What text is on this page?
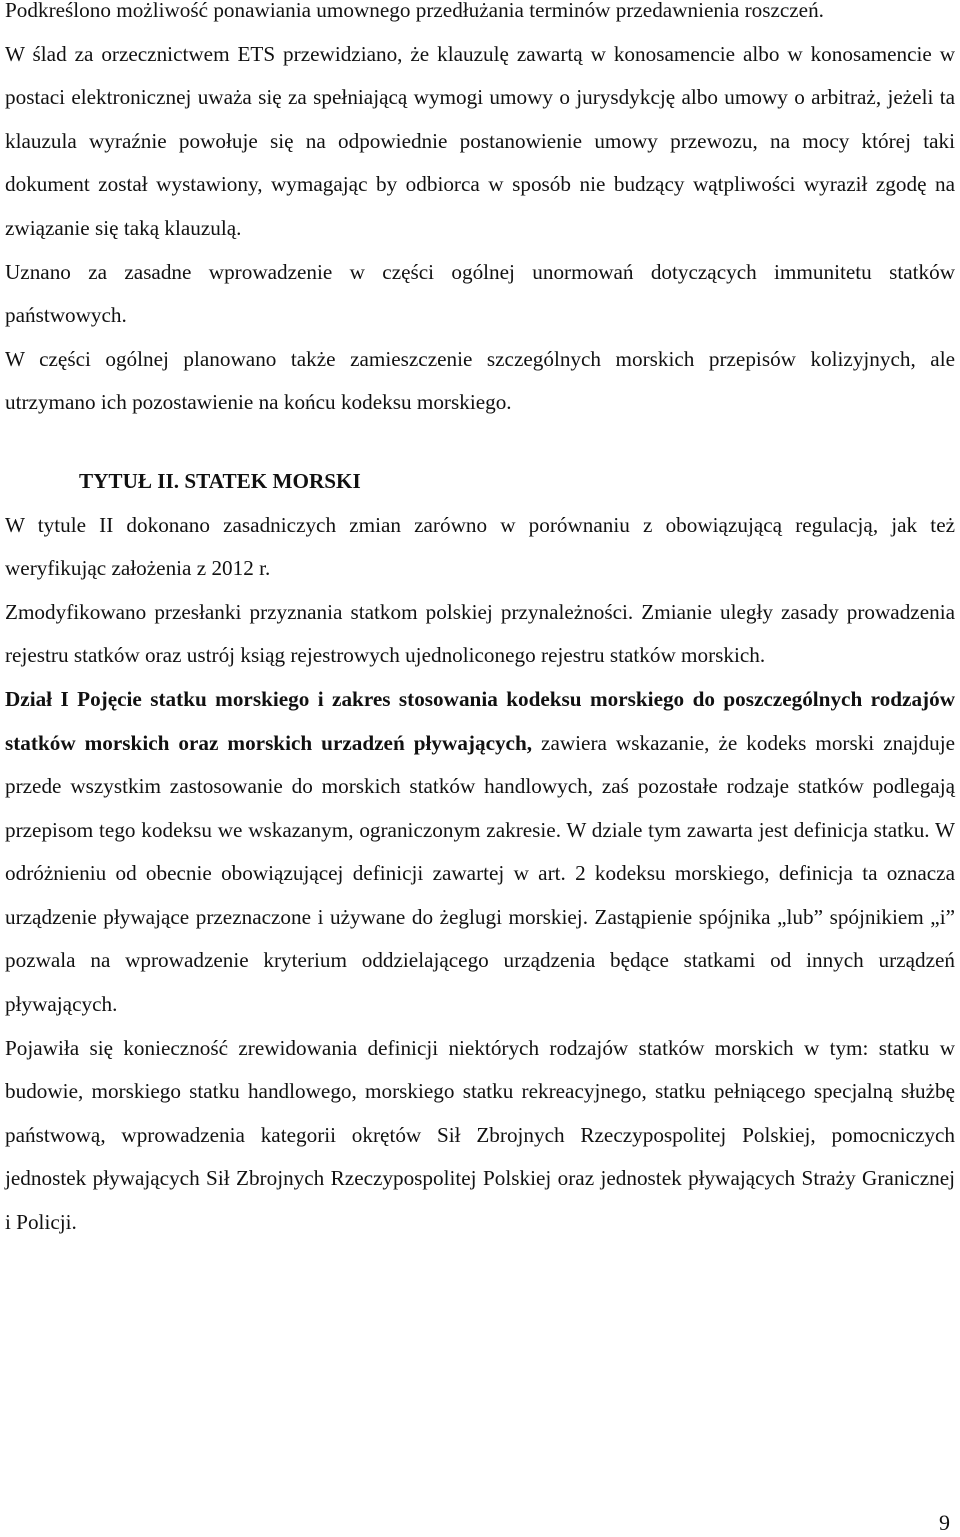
Podkreślono możliwość ponawiania umownego przedłużania terminów przedawnienia roszczeń.

W ślad za orzecznictwem ETS przewidziano, że klauzulę zawartą w konosamencie albo w konosamencie w postaci elektronicznej uważa się za spełniającą wymogi umowy o jurysdykcję albo umowy o arbitraż, jeżeli ta klauzula wyraźnie powołuje się na odpowiednie postanowienie umowy przewozu, na mocy której taki dokument został wystawiony, wymagając by odbiorca w sposób nie budzący wątpliwości wyraził zgodę na związanie się taką klauzulą.

Uznano za zasadne wprowadzenie w części ogólnej unormowań dotyczących immunitetu statków państwowych.

W części ogólnej planowano także zamieszczenie szczególnych morskich przepisów kolizyjnych, ale utrzymano ich pozostawienie na końcu kodeksu morskiego.

TYTUŁ II. STATEK MORSKI

W tytule II dokonano zasadniczych zmian zarówno w porównaniu z obowiązującą regulacją, jak też weryfikując założenia z 2012 r.

Zmodyfikowano przesłanki przyznania statkom polskiej przynależności. Zmianie uległy zasady prowadzenia rejestru statków oraz ustrój ksiąg rejestrowych ujednoliconego rejestru statków morskich.

Dział I Pojęcie statku morskiego i zakres stosowania kodeksu morskiego do poszczególnych rodzajów statków morskich oraz morskich urzadzeń pływających, zawiera wskazanie, że kodeks morski znajduje przede wszystkim zastosowanie do morskich statków handlowych, zaś pozostałe rodzaje statków podlegają przepisom tego kodeksu we wskazanym, ograniczonym zakresie. W dziale tym zawarta jest definicja statku. W odróżnieniu od obecnie obowiązującej definicji zawartej w art. 2 kodeksu morskiego, definicja ta oznacza urządzenie pływające przeznaczone i używane do żeglugi morskiej. Zastąpienie spójnika „lub” spójnikiem „i” pozwala na wprowadzenie kryterium oddzielającego urządzenia będące statkami od innych urządzeń pływających.

Pojawiła się konieczność zrewidowania definicji niektórych rodzajów statków morskich w tym: statku w budowie, morskiego statku handlowego, morskiego statku rekreacyjnego, statku pełniącego specjalną służbę państwową, wprowadzenia kategorii okrętów Sił Zbrojnych Rzeczypospolitej Polskiej, pomocniczych jednostek pływających Sił Zbrojnych Rzeczypospolitej Polskiej oraz jednostek pływających Straży Granicznej i Policji.

9
